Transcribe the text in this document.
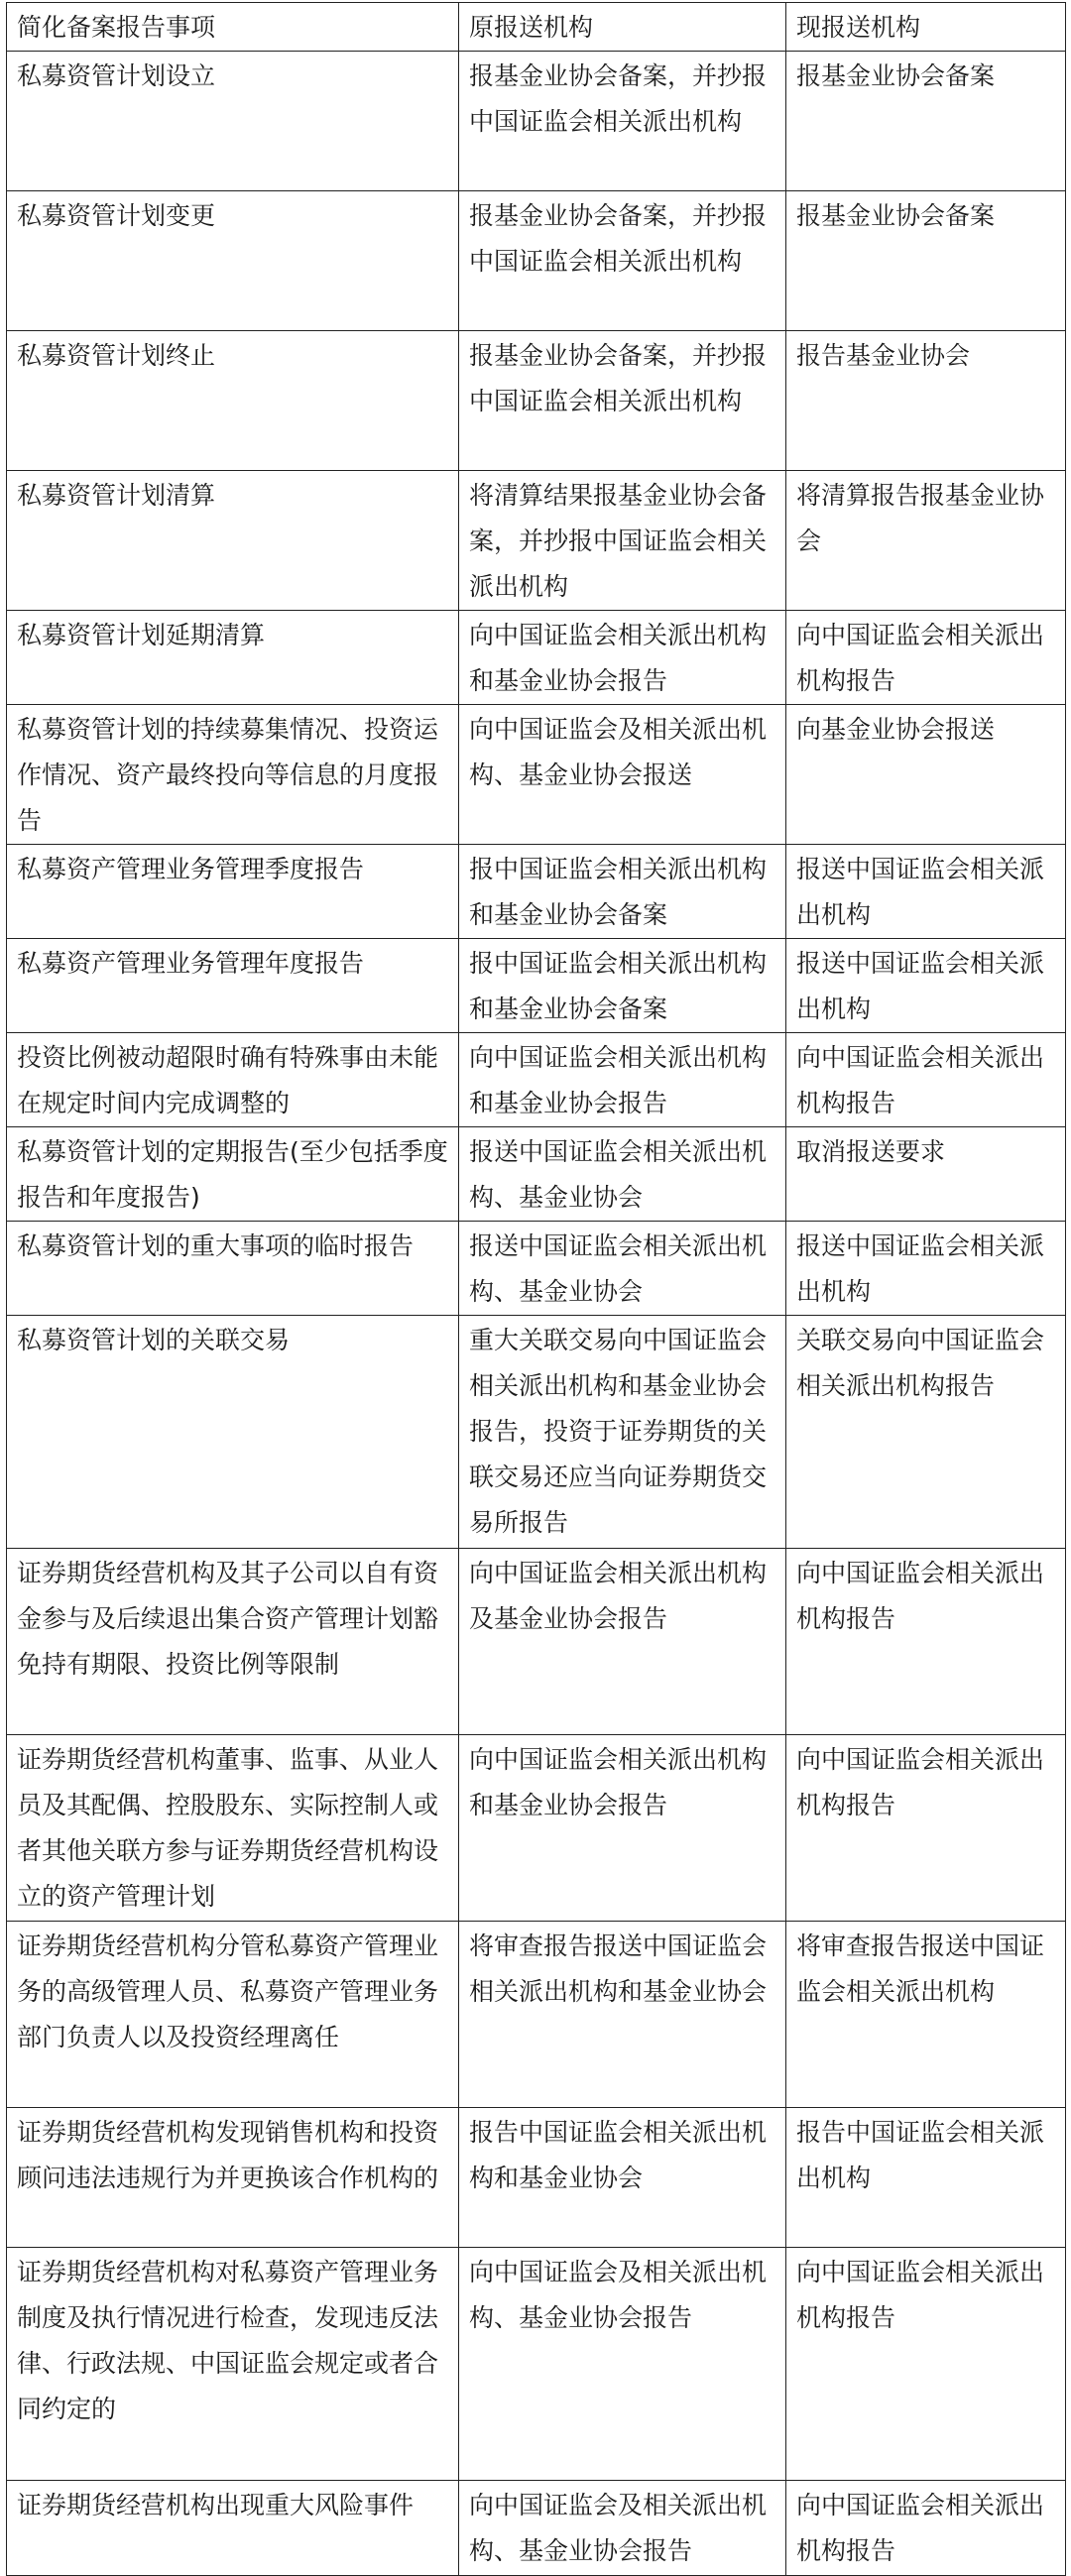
简化备案报告事项	原报送机构	现报送机构
私募资管计划设立	报基金业协会备案，并抄报中国证监会相关派出机构	报基金业协会备案
私募资管计划变更	报基金业协会备案，并抄报中国证监会相关派出机构	报基金业协会备案
私募资管计划终止	报基金业协会备案，并抄报中国证监会相关派出机构	报告基金业协会
私募资管计划清算	将清算结果报基金业协会备案，并抄报中国证监会相关派出机构	将清算报告报基金业协会
私募资管计划延期清算	向中国证监会相关派出机构和基金业协会报告	向中国证监会相关派出机构报告
私募资管计划的持续募集情况、投资运作情况、资产最终投向等信息的月度报告	向中国证监会及相关派出机构、基金业协会报送	向基金业协会报送
私募资产管理业务管理季度报告	报中国证监会相关派出机构和基金业协会备案	报送中国证监会相关派出机构
私募资产管理业务管理年度报告	报中国证监会相关派出机构和基金业协会备案	报送中国证监会相关派出机构
投资比例被动超限时确有特殊事由未能在规定时间内完成调整的	向中国证监会相关派出机构和基金业协会报告	向中国证监会相关派出机构报告
私募资管计划的定期报告(至少包括季度报告和年度报告)	报送中国证监会相关派出机构、基金业协会	取消报送要求
私募资管计划的重大事项的临时报告	报送中国证监会相关派出机构、基金业协会	报送中国证监会相关派出机构
私募资管计划的关联交易	重大关联交易向中国证监会相关派出机构和基金业协会报告，投资于证券期货的关联交易还应当向证券期货交易所报告	关联交易向中国证监会相关派出机构报告
证券期货经营机构及其子公司以自有资金参与及后续退出集合资产管理计划豁免持有期限、投资比例等限制	向中国证监会相关派出机构及基金业协会报告	向中国证监会相关派出机构报告
证券期货经营机构董事、监事、从业人员及其配偶、控股股东、实际控制人或者其他关联方参与证券期货经营机构设立的资产管理计划	向中国证监会相关派出机构和基金业协会报告	向中国证监会相关派出机构报告
证券期货经营机构分管私募资产管理业务的高级管理人员、私募资产管理业务部门负责人以及投资经理离任	将审查报告报送中国证监会相关派出机构和基金业协会	将审查报告报送中国证监会相关派出机构
证券期货经营机构发现销售机构和投资顾问违法违规行为并更换该合作机构的	报告中国证监会相关派出机构和基金业协会	报告中国证监会相关派出机构
证券期货经营机构对私募资产管理业务制度及执行情况进行检查，发现违反法律、行政法规、中国证监会规定或者合同约定的	向中国证监会及相关派出机构、基金业协会报告	向中国证监会相关派出机构报告
证券期货经营机构出现重大风险事件	向中国证监会及相关派出机构、基金业协会报告	向中国证监会相关派出机构报告
